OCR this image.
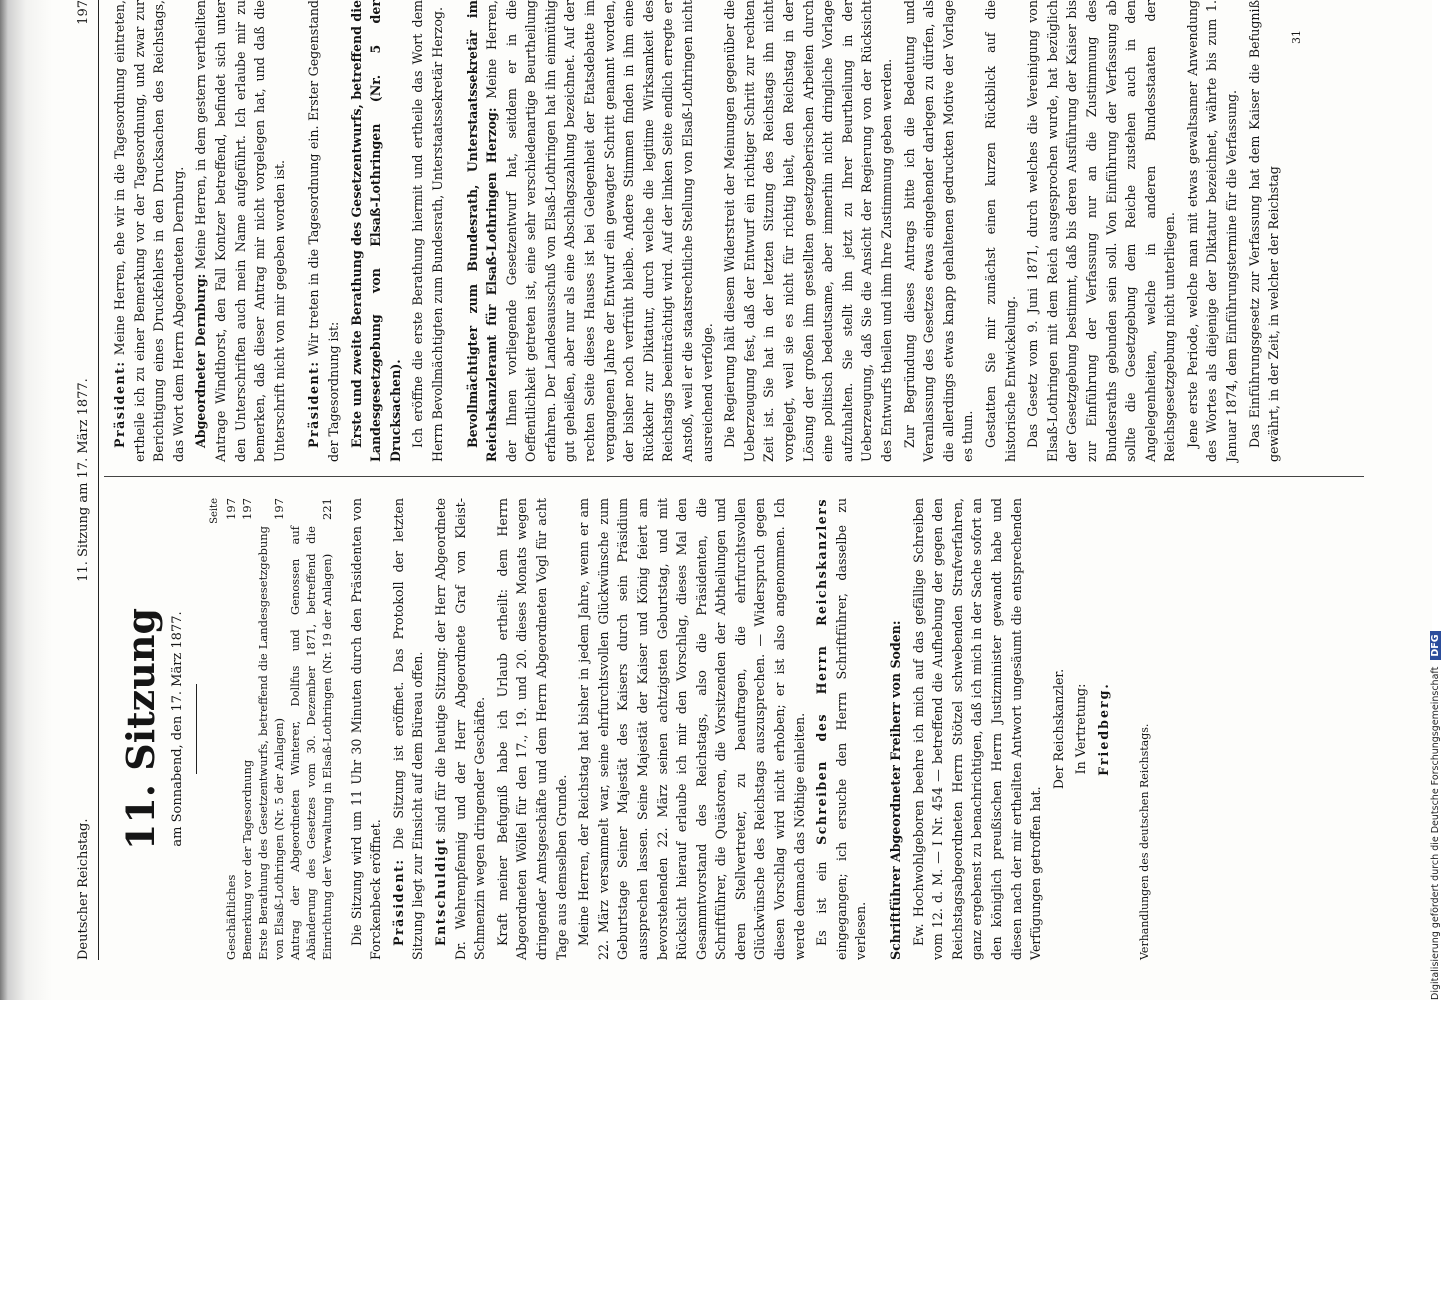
Deutscher Reichstag.
11. Sitzung am 17. März 1877.
197
11. Sitzung am Sonnabend, den 17. März 1877.
Seite
Geschäftliches
197
Bemerkung vor der Tagesordnung
197
Erste Berathung des Gesetzentwurfs, betreffend die Landesgesetzgebung von Elsaß-Lothringen (Nr. 5 der Anlagen)
197
Antrag der Abgeordneten Winterer, Dollfus und Genossen auf Abänderung des Gesetzes vom 30. Dezember 1871, betreffend die Einrichtung der Verwaltung in Elsaß-Lothringen (Nr. 19 der Anlagen)
221 Die Sitzung wird um 11 Uhr 30 Minuten durch den Präsidenten von Forckenbeck eröffnet. Präsident: Die Sitzung ist eröffnet. Das Protokoll der letzten Sitzung liegt zur Einsicht auf dem Büreau offen. Entschuldigt sind für die heutige Sitzung: der Herr Abgeordnete Dr. Wehrenpfennig und der Herr Abgeordnete Graf von Kleist-Schmenzin wegen dringender Geschäfte. Kraft meiner Befugniß habe ich Urlaub ertheilt: dem Herrn Abgeordneten Wölfel für den 17., 19. und 20. dieses Monats wegen dringender Amtsgeschäfte und dem Herrn Abgeordneten Vogl für acht Tage aus demselben Grunde. Meine Herren, der Reichstag hat bisher in jedem Jahre, wenn er am 22. März versammelt war, seine ehrfurchtsvollen Glückwünsche zum Geburtstage Seiner Majestät des Kaisers durch sein Präsidium aussprechen lassen. Seine Majestät der Kaiser und König feiert am bevorstehenden 22. März seinen achtzigsten Geburtstag, und mit Rücksicht hierauf erlaube ich mir den Vorschlag, dieses Mal den Gesammtvorstand des Reichstags, also die Präsidenten, die Schriftführer, die Quästoren, die Vorsitzenden der Abtheilungen und deren Stellvertreter, zu beauftragen, die ehrfurchtsvollen Glückwünsche des Reichstags auszusprechen. — Widerspruch gegen diesen Vorschlag wird nicht erhoben; er ist also angenommen. Ich werde demnach das Nöthige einleiten. Es ist ein Schreiben des Herrn Reichskanzlers eingegangen; ich ersuche den Herrn Schriftführer, dasselbe zu verlesen. Schriftführer Abgeordneter Freiherr von Soden: Ew. Hochwohlgeboren beehre ich mich auf das gefällige Schreiben vom 12. d. M. — I Nr. 454 — betreffend die Aufhebung der gegen den Reichstagsabgeordneten Herrn Stötzel schwebenden Strafverfahren, ganz ergebenst zu benachrichtigen, daß ich mich in der Sache sofort an den königlich preußischen Herrn Justizminister gewandt habe und diesen nach der mir ertheilten Antwort ungesäumt die entsprechenden Verfügungen getroffen hat.

Der Reichskanzler. In Vertretung: Friedberg. Verhandlungen des deutschen Reichstags.

Präsident: Meine Herren, ehe wir in die Tagesordnung eintreten, ertheile ich zu einer Bemerkung vor der Tagesordnung, und zwar zur Berichtigung eines Druckfehlers in den Drucksachen des Reichstags, das Wort dem Herrn Abgeordneten Dernburg. Abgeordneter Dernburg: Meine Herren, in dem gestern vertheilten Antrage Windthorst, den Fall Kontzer betreffend, befindet sich unter den Unterschriften auch mein Name aufgeführt. Ich erlaube mir zu bemerken, daß dieser Antrag mir nicht vorgelegen hat, und daß die Unterschrift nicht von mir gegeben worden ist. Präsident: Wir treten in die Tagesordnung ein. Erster Gegenstand der Tagesordnung ist: Erste und zweite Berathung des Gesetzentwurfs, betreffend die Landesgesetzgebung von Elsaß-Lothringen (Nr. 5 der Drucksachen). Ich eröffne die erste Berathung hiermit und ertheile das Wort dem Herrn Bevollmächtigten zum Bundesrath, Unterstaatssekretär Herzog. Bevollmächtigter zum Bundesrath, Unterstaatssekretär im Reichskanzleramt für Elsaß-Lothringen Herzog: Meine Herren, der Ihnen vorliegende Gesetzentwurf hat, seitdem er in die Oeffentlichkeit getreten ist, eine sehr verschiedenartige Beurtheilung erfahren. Der Landesausschuß von Elsaß-Lothringen hat ihn einmüthig gut geheißen, aber nur als eine Abschlagszahlung bezeichnet. Auf der rechten Seite dieses Hauses ist bei Gelegenheit der Etatsdebatte im vergangenen Jahre der Entwurf ein gewagter Schritt genannt worden, der bisher noch verfrüht bleibe. Andere Stimmen finden in ihm eine Rückkehr zur Diktatur, durch welche die legitime Wirksamkeit des Reichstags beeinträchtigt wird. Auf der linken Seite endlich erregte er Anstoß, weil er die staatsrechtliche Stellung von Elsaß-Lothringen nicht ausreichend verfolge. Die Regierung hält diesem Widerstreit der Meinungen gegenüber die Ueberzeugung fest, daß der Entwurf ein richtiger Schritt zur rechten Zeit ist. Sie hat in der letzten Sitzung des Reichstags ihn nicht vorgelegt, weil sie es nicht für richtig hielt, den Reichstag in der Lösung der großen ihm gestellten gesetzgeberischen Arbeiten durch eine politisch bedeutsame, aber immerhin nicht dringliche Vorlage aufzuhalten. Sie stellt ihn jetzt zu Ihrer Beurtheilung in der Ueberzeugung, daß Sie die Ansicht der Regierung von der Rücksicht des Entwurfs theilen und ihm Ihre Zustimmung geben werden. Zur Begründung dieses Antrags bitte ich die Bedeutung und Veranlassung des Gesetzes etwas eingehender darlegen zu dürfen, als die allerdings etwas knapp gehaltenen gedruckten Motive der Vorlage es thun. Gestatten Sie mir zunächst einen kurzen Rückblick auf die historische Entwickelung. Das Gesetz vom 9. Juni 1871, durch welches die Vereinigung von Elsaß-Lothringen mit dem Reich ausgesprochen wurde, hat bezüglich der Gesetzgebung bestimmt, daß bis deren Ausführung der Kaiser bis zur Einführung der Verfassung nur an die Zustimmung des Bundesraths gebunden sein soll. Von Einführung der Verfassung ab sollte die Gesetzgebung dem Reiche zustehen auch in den Angelegenheiten, welche in anderen Bundesstaaten der Reichsgesetzgebung nicht unterliegen. Jene erste Periode, welche man mit etwas gewaltsamer Anwendung des Wortes als diejenige der Diktatur bezeichnet, währte bis zum 1. Januar 1874, dem Einführungstermine für die Verfassung. Das Einführungsgesetz zur Verfassung hat dem Kaiser die Befugniß gewährt, in der Zeit, in welcher der Reichstag

31
Digitalisierung gefördert durch die Deutsche Forschungsgemeinschaft DFG
